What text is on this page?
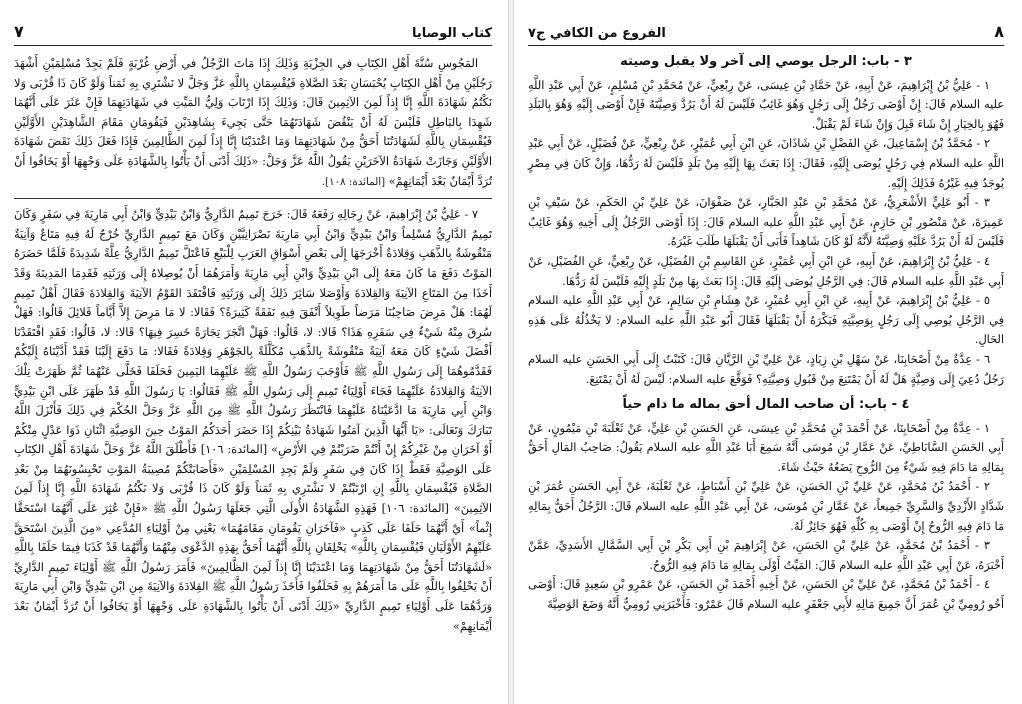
٨
الفروع من الكافي ج٧
٣ - باب: الرجل يوصي إلى آخر ولا يقبل وصيته

١ - عَلِيُّ بْنُ إِبْرَاهِيمَ، عَنْ أَبِيهِ، عَنْ حَمَّادِ بْنِ عِيسَى، عَنْ رِبْعِيٍّ، عَنْ مُحَمَّدِ بْنِ مُسْلِمٍ، عَنْ أَبِي عَبْدِ اللَّهِ عليه السلام قَالَ: إِنْ أَوْصَى رَجُلٌ إِلَى رَجُلٍ وَهُوَ غَائِبٌ فَلَيْسَ لَهُ أَنْ يَرُدَّ وَصِيَّتَهُ فَإِنْ أَوْصَى إِلَيْهِ وَهُوَ بِالبَلَدِ فَهُوَ بِالخِيَارِ إِنْ شَاءَ قَبِلَ وَإِنْ شَاءَ لَمْ يَقْبَلْ.

٢ - مُحَمَّدُ بْنُ إِسْمَاعِيلَ، عَنِ الفَضْلِ بْنِ شَاذَانَ، عَنِ ابْنِ أَبِي عُمَيْرٍ، عَنْ رِبْعِيٍّ، عَنْ فُضَيْلٍ، عَنْ أَبِي عَبْدِ اللَّهِ عليه السلام فِي رَجُلٍ يُوصَى إِلَيْهِ، فَقَالَ: إِذَا بَعَثَ بِهَا إِلَيْهِ مِنْ بَلَدٍ فَلَيْسَ لَهُ رَدُّهَا، وَإِنْ كَانَ فِي مِصْرٍ يُوجَدُ فِيهِ غَيْرُهُ فَذَلِكَ إِلَيْهِ.

٣ - أَبُو عَلِيٍّ الأَشْعَرِيُّ، عَنْ مُحَمَّدِ بْنِ عَبْدِ الجَبَّارِ، عَنْ صَفْوَانَ، عَنْ عَلِيِّ بْنِ الحَكَمِ، عَنْ سَيْفِ بْنِ عَمِيرَةَ، عَنْ مَنْصُورِ بْنِ حَازِمٍ، عَنْ أَبِي عَبْدِ اللَّهِ عليه السلام قَالَ: إِذَا أَوْصَى الرَّجُلُ إِلَى أَخِيهِ وَهُوَ غَائِبٌ فَلَيْسَ لَهُ أَنْ يَرُدَّ عَلَيْهِ وَصِيَّتَهُ لأَنَّهُ لَوْ كَانَ شَاهِداً فَأَبَى أَنْ يَقْبَلَهَا طَلَبَ غَيْرَهُ.

٤ - عَلِيُّ بْنُ إِبْرَاهِيمَ، عَنْ أَبِيهِ، عَنِ ابْنِ أَبِي عُمَيْرٍ، عَنِ القَاسِمِ بْنِ الفُضَيْلِ، عَنْ رِبْعِيٍّ، عَنِ الفُضَيْلِ، عَنْ أَبِي عَبْدِ اللَّهِ عليه السلام قَالَ: فِي الرَّجُلِ يُوصَى إِلَيْهِ قَالَ: إِذَا بَعَثَ بِهَا مِنْ بَلَدٍ إِلَيْهِ فَلَيْسَ لَهُ رَدُّهَا.

٥ - عَلِيُّ بْنُ إِبْرَاهِيمَ، عَنْ أَبِيهِ، عَنِ ابْنِ أَبِي عُمَيْرٍ، عَنْ هِشَامِ بْنِ سَالِمٍ، عَنْ أَبِي عَبْدِ اللَّهِ عليه السلام فِي الرَّجُلِ يُوصِي إِلَى رَجُلٍ بِوَصِيَّتِهِ فَيَكْرَهُ أَنْ يَقْبَلَهَا فَقَالَ أَبُو عَبْدِ اللَّهِ عليه السلام: لا يَخْذُلُهُ عَلَى هَذِهِ الحَالِ.

٦ - عِدَّةٌ مِنْ أَصْحَابِنَا، عَنْ سَهْلِ بْنِ زِيَادٍ، عَنْ عَلِيِّ بْنِ الرَّيَّانِ قَالَ: كَتَبْتُ إِلَى أَبِي الحَسَنِ عليه السلام رَجُلٌ دُعِيَ إِلَى وَصِيَّةٍ هَلْ لَهُ أَنْ يَمْتَنِعَ مِنْ قَبُولِ وَصِيَّتِهِ؟ فَوَقَّعَ عليه السلام: لَيْسَ لَهُ أَنْ يَمْتَنِعَ.

٤ - باب: أن صاحب المال أحق بماله ما دام حياً

١ - عِدَّةٌ مِنْ أَصْحَابِنَا، عَنْ أَحْمَدَ بْنِ مُحَمَّدِ بْنِ عِيسَى، عَنِ الحَسَنِ بْنِ عَلِيٍّ، عَنْ ثَعْلَبَةَ بْنِ مَيْمُونٍ، عَنْ أَبِي الحَسَنِ السَّابَاطِيِّ، عَنْ عَمَّارِ بْنِ مُوسَى أَنَّهُ سَمِعَ أَبَا عَبْدِ اللَّهِ عليه السلام يَقُولُ: صَاحِبُ المَالِ أَحَقُّ بِمَالِهِ مَا دَامَ فِيهِ شَيْءٌ مِنَ الرُّوحِ يَضَعُهُ حَيْثُ شَاءَ.

٢ - أَحْمَدُ بْنُ مُحَمَّدٍ، عَنْ عَلِيِّ بْنِ الحَسَنِ، عَنْ عَلِيِّ بْنِ أَسْبَاطٍ، عَنْ ثَعْلَبَةَ، عَنْ أَبِي الحَسَنِ عُمَرَ بْنِ شَدَّادٍ الأَزْدِيِّ وَالسَّرِيِّ جَمِيعاً، عَنْ عَمَّارِ بْنِ مُوسَى، عَنْ أَبِي عَبْدِ اللَّهِ عليه السلام قَالَ: الرَّجُلُ أَحَقُّ بِمَالِهِ مَا دَامَ فِيهِ الرُّوحُ إِنْ أَوْصَى بِهِ كُلِّهِ فَهُوَ جَائِزٌ لَهُ.

٣ - أَحْمَدُ بْنُ مُحَمَّدٍ، عَنْ عَلِيِّ بْنِ الحَسَنِ، عَنْ إِبْرَاهِيمَ بْنِ أَبِي بَكْرِ بْنِ أَبِي السَّمَّالِ الأَسَدِيِّ، عَمَّنْ أَخْبَرَهُ، عَنْ أَبِي عَبْدِ اللَّهِ عليه السلام قَالَ: المَيِّتُ أَوْلَى بِمَالِهِ مَا دَامَ فِيهِ الرُّوحُ.

٤ - أَحْمَدُ بْنُ مُحَمَّدٍ، عَنْ عَلِيِّ بْنِ الحَسَنِ، عَنْ أَخِيهِ أَحْمَدَ بْنِ الحَسَنِ، عَنْ عَمْرِو بْنِ سَعِيدٍ قَالَ: أَوْصَى أَخُو رُومِيِّ بْنِ عُمَرَ أَنَّ جَمِيعَ مَالِهِ لأَبِي جَعْفَرٍ عليه السلام قَالَ عَمْرٌو: فَأَخْبَرَنِي رُومِيٌّ أَنَّهُ وَضَعَ الوَصِيَّةَ

كتاب الوصايا
٧

المَجُوسِ سُنَّةَ أَهْلِ الكِتَابِ في الجِزْيَةِ وَذَلِكَ إِذَا مَاتَ الرَّجُلُ في أَرْضِ غُرْبَةٍ فَلَمْ يَجِدْ مُسْلِمَيْنِ أَشْهَدَ رَجُلَيْنِ مِنْ أَهْلِ الكِتَابِ يُحْبَسَانِ بَعْدَ الصَّلاةِ فَيُقْسِمَانِ بِاللَّهِ عَزَّ وَجَلَّ لا نَشْتَرِي بِهِ ثَمَناً وَلَوْ كَانَ ذَا قُرْبَى وَلا نَكْتُمُ شَهَادَةَ اللَّهِ إِنَّا إِذاً لَمِنَ الآثِمِينَ قَالَ: وَذَلِكَ إِذَا ارْتَابَ وَلِيُّ المَيِّتِ في شَهَادَتِهِمَا فَإِنْ عَثَرَ عَلَى أَنَّهُمَا شَهِدَا بِالبَاطِلِ فَلَيْسَ لَهُ أَنْ يَنْقُضَ شَهَادَتَهُمَا حَتَّى يَجِيءَ بِشَاهِدَيْنِ فَيَقُومَانِ مَقَامَ الشَّاهِدَيْنِ الأَوَّلَيْنِ فَيُقْسِمَانِ بِاللَّهِ لَشَهَادَتُنَا أَحَقُّ مِنْ شَهَادَتِهِمَا وَمَا اعْتَدَيْنَا إِنَّا إِذاً لَمِنَ الظَّالِمِينَ فَإِذَا فَعَلَ ذَلِكَ نَقَضَ شَهَادَةَ الأَوَّلَيْنِ وَجَازَتْ شَهَادَةُ الآخَرَيْنِ يَقُولُ اللَّهُ عَزَّ وَجَلَّ: «ذَلِكَ أَدْنَى أَنْ يَأْتُوا بِالشَّهَادَةِ عَلَى وَجْهِهَا أَوْ يَخَافُوا أَنْ تُرَدَّ أَيْمَانٌ بَعْدَ أَيْمَانِهِمْ» [المائدة: ١٠٨].

٧ - عَلِيُّ بْنُ إِبْرَاهِيمَ، عَنْ رِجَالِهِ رَفَعَهُ قَالَ: خَرَجَ تَمِيمٌ الدَّارِيُّ وَابْنُ بَيْدِيٍّ وَابْنُ أَبِي مَارِيَةَ فِي سَفَرٍ وَكَانَ تَمِيمٌ الدَّارِيُّ مُسْلِماً وَابْنُ بَيْدِيٍّ وَابْنُ أَبِي مَارِيَةَ نَصْرَانِيَّيْنِ وَكَانَ مَعَ تَمِيمٍ الدَّارِيِّ خُرْجٌ لَهُ فِيهِ مَتَاعٌ وَآنِيَةٌ مَنْقُوشَةٌ بِالذَّهَبِ وَقِلادَةٌ أَخْرَجَهَا إِلَى بَعْضِ أَسْوَاقِ العَرَبِ لِلْبَيْعِ فَاعْتَلَّ تَمِيمٌ الدَّارِيُّ عِلَّةً شَدِيدَةً فَلَمَّا حَضَرَهُ المَوْتُ دَفَعَ مَا كَانَ مَعَهُ إِلَى ابْنِ بَيْدِيٍّ وَابْنِ أَبِي مَارِيَةَ وَأَمَرَهُمَا أَنْ يُوصِلاهُ إِلَى وَرَثَتِهِ فَقَدِمَا المَدِينَةَ وَقَدْ أَخَذَا مِنَ المَتَاعِ الآنِيَةَ وَالقِلادَةَ وَأَوْصَلا سَائِرَ ذَلِكَ إِلَى وَرَثَتِهِ فَافْتَقَدَ القَوْمُ الآنِيَةَ وَالقِلادَةَ فَقَالَ أَهْلُ تَمِيمٍ لَهُمَا: هَلْ مَرِضَ صَاحِبُنَا مَرَضاً طَوِيلاً أَنْفَقَ فِيهِ نَفَقَةً كَثِيرَةً؟ فَقَالا: لا مَا مَرِضَ إِلاَّ أَيَّاماً قَلائِلَ قَالُوا: فَهَلْ سُرِقَ مِنْهُ شَيْءٌ فِي سَفَرِهِ هَذَا؟ قَالا: لا، قَالُوا: فَهَلْ اتَّجَرَ تِجَارَةً خَسِرَ فِيهَا؟ قَالا: لا، قَالُوا: فَقَدِ افْتَقَدْنَا أَفْضَلَ شَيْءٍ كَانَ مَعَهُ آنِيَةً مَنْقُوشَةً بِالذَّهَبِ مُكَلَّلَةً بِالجَوْهَرِ وَقِلادَةً فَقَالا: مَا دَفَعَ إِلَيْنَا فَقَدْ أَدَّيْنَاهُ إِلَيْكُمْ فَقَدَّمُوهُمَا إِلَى رَسُولِ اللَّهِ ﷺ فَأَوْجَبَ رَسُولُ اللَّهِ ﷺ عَلَيْهِمَا اليَمِينَ فَحَلَفَا فَخَلَّى عَنْهُمَا ثُمَّ ظَهَرَتْ تِلْكَ الآنِيَةُ وَالقِلادَةُ عَلَيْهِمَا فَجَاءَ أَوْلِيَاءُ تَمِيمٍ إِلَى رَسُولِ اللَّهِ ﷺ فَقَالُوا: يَا رَسُولَ اللَّهِ قَدْ ظَهَرَ عَلَى ابْنِ بَيْدِيٍّ وَابْنِ أَبِي مَارِيَةَ مَا ادَّعَيْنَاهُ عَلَيْهِمَا فَانْتَظَرَ رَسُولُ اللَّهِ ﷺ مِنَ اللَّهِ عَزَّ وَجَلَّ الحُكْمَ فِي ذَلِكَ فَأَنْزَلَ اللَّهُ تَبَارَكَ وَتَعَالَى: «يَا أَيُّهَا الَّذِينَ آمَنُوا شَهَادَةُ بَيْنِكُمْ إِذَا حَضَرَ أَحَدَكُمُ المَوْتُ حِينَ الوَصِيَّةِ اثْنَانِ ذَوَا عَدْلٍ مِنْكُمْ أَوْ آخَرَانِ مِنْ غَيْرِكُمْ إِنْ أَنْتُمْ ضَرَبْتُمْ فِي الأَرْضِ» [المائدة: ١٠٦] فَأَطْلَقَ اللَّهُ عَزَّ وَجَلَّ شَهَادَةَ أَهْلِ الكِتَابِ عَلَى الوَصِيَّةِ فَقَطْ إِذَا كَانَ فِي سَفَرٍ وَلَمْ يَجِدِ المُسْلِمَيْنِ «فَأَصَابَتْكُمْ مُصِيبَةُ المَوْتِ تَحْبِسُونَهُمَا مِنْ بَعْدِ الصَّلاةِ فَيُقْسِمَانِ بِاللَّهِ إِنِ ارْتَبْتُمْ لا نَشْتَرِي بِهِ ثَمَناً وَلَوْ كَانَ ذَا قُرْبَى وَلا نَكْتُمُ شَهَادَةَ اللَّهِ إِنَّا إِذاً لَمِنَ الآثِمِينَ» [المائدة: ١٠٦] فَهَذِهِ الشَّهَادَةُ الأُولَى الَّتِي جَعَلَهَا رَسُولُ اللَّهِ ﷺ «فَإِنْ عُثِرَ عَلَى أَنَّهُمَا اسْتَحَقَّا إِثْماً» أَيْ أَنَّهُمَا حَلَفَا عَلَى كَذِبٍ «فَآخَرَانِ يَقُومَانِ مَقَامَهُمَا» يَعْنِي مِنْ أَوْلِيَاءِ المُدَّعِي «مِنَ الَّذِينَ اسْتَحَقَّ عَلَيْهِمُ الأَوْلَيَانِ فَيُقْسِمَانِ بِاللَّهِ» يَحْلِفَانِ بِاللَّهِ أَنَّهُمَا أَحَقُّ بِهَذِهِ الدَّعْوَى مِنْهُمَا وَأَنَّهُمَا قَدْ كَذَبَا فِيمَا حَلَفَا بِاللَّهِ «لَشَهَادَتُنَا أَحَقُّ مِنْ شَهَادَتِهِمَا وَمَا اعْتَدَيْنَا إِنَّا إِذاً لَمِنَ الظَّالِمِينَ» فَأَمَرَ رَسُولُ اللَّهِ ﷺ أَوْلِيَاءَ تَمِيمٍ الدَّارِيِّ أَنْ يَحْلِفُوا بِاللَّهِ عَلَى مَا أَمَرَهُمْ بِهِ فَحَلَفُوا فَأَخَذَ رَسُولُ اللَّهِ ﷺ القِلادَةَ وَالآنِيَةَ مِنِ ابْنِ بَيْدِيٍّ وَابْنِ أَبِي مَارِيَةَ وَرَدَّهُمَا عَلَى أَوْلِيَاءِ تَمِيمٍ الدَّارِيِّ «ذَلِكَ أَدْنَى أَنْ يَأْتُوا بِالشَّهَادَةِ عَلَى وَجْهِهَا أَوْ يَخَافُوا أَنْ تُرَدَّ أَيْمَانٌ بَعْدَ أَيْمَانِهِمْ»
